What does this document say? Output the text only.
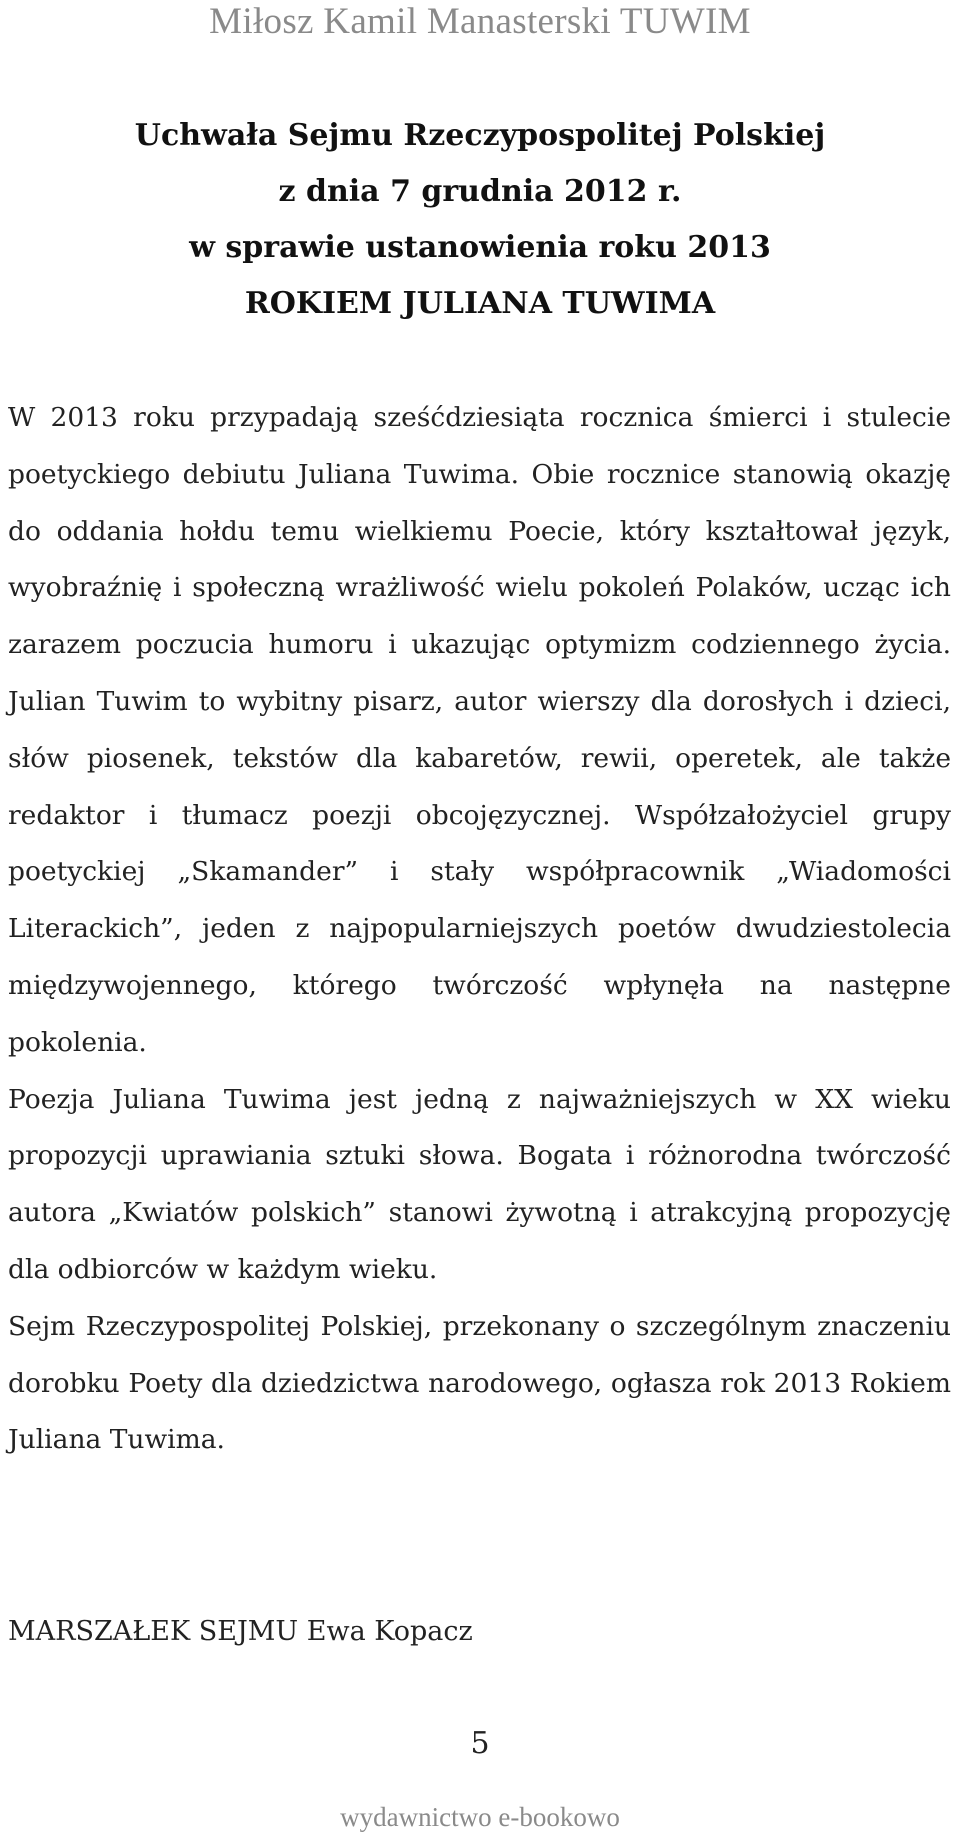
Miłosz Kamil Manasterski TUWIM
Uchwała Sejmu Rzeczypospolitej Polskiej
z dnia 7 grudnia 2012 r.
w sprawie ustanowienia roku 2013
ROKIEM JULIANA TUWIMA

W 2013 roku przypadają sześćdziesiąta rocznica śmierci i stulecie poetyckiego debiutu Juliana Tuwima. Obie rocznice stanowią okazję do oddania hołdu temu wielkiemu Poecie, który kształtował język, wyobraźnię i społeczną wrażliwość wielu pokoleń Polaków, ucząc ich zarazem poczucia humoru i ukazując optymizm codziennego życia. Julian Tuwim to wybitny pisarz, autor wierszy dla dorosłych i dzieci, słów piosenek, tekstów dla kabaretów, rewii, operetek, ale także redaktor i tłumacz poezji obcojęzycznej. Współzałożyciel grupy poetyckiej „Skamander” i stały współpracownik „Wiadomości Literackich”, jeden z najpopularniejszych poetów dwudziestolecia międzywojennego, którego twórczość wpłynęła na następne pokolenia.

Poezja Juliana Tuwima jest jedną z najważniejszych w XX wieku propozycji uprawiania sztuki słowa. Bogata i różnorodna twórczość autora „Kwiatów polskich” stanowi żywotną i atrakcyjną propozycję dla odbiorców w każdym wieku.

Sejm Rzeczypospolitej Polskiej, przekonany o szczególnym znaczeniu dorobku Poety dla dziedzictwa narodowego, ogłasza rok 2013 Rokiem Juliana Tuwima.

MARSZAŁEK SEJMU Ewa Kopacz
5
wydawnictwo e-bookowo
